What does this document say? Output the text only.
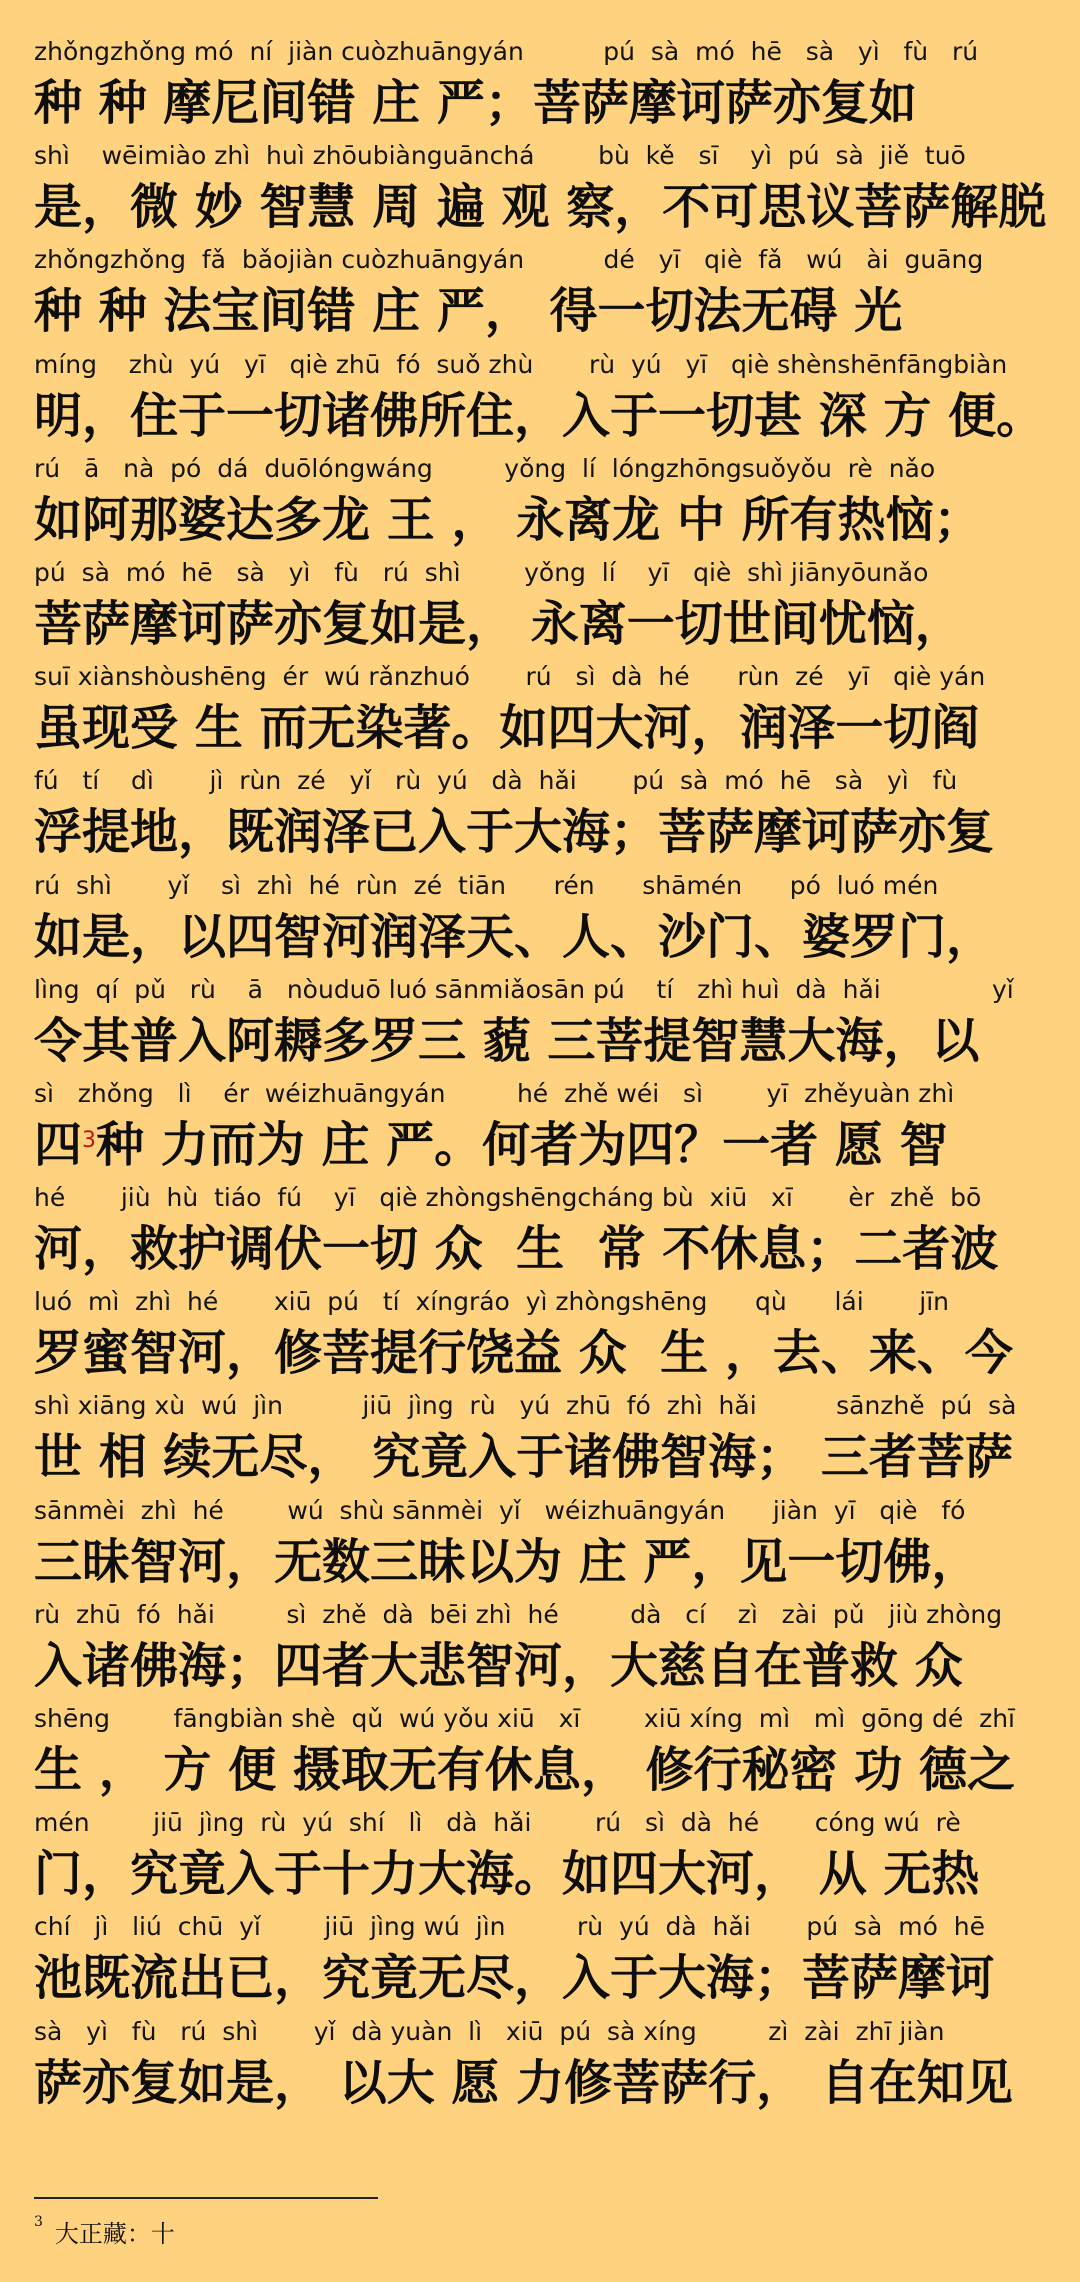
zhǒngzhǒng mó  ní  jiàn cuòzhuāngyán          pú  sà  mó  hē   sà   yì   fù   rú
种 种 摩尼间错 庄 严；菩萨摩诃萨亦复如
shì    wēimiào zhì  huì zhōubiànguānchá        bù  kě   sī    yì  pú  sà  jiě  tuō
是，微 妙 智慧 周 遍 观 察，不可思议菩萨解脱
zhǒngzhǒng  fǎ  bǎojiàn cuòzhuāngyán          dé   yī   qiè  fǎ   wú   ài  guāng
种 种 法宝间错 庄 严， 得一切法无碍 光
míng    zhù  yú   yī   qiè zhū  fó  suǒ zhù       rù  yú   yī   qiè shènshēnfāngbiàn
明，住于一切诸佛所住，入于一切甚 深 方 便。
rú   ā   nà  pó  dá  duōlóngwáng         yǒng  lí  lóngzhōngsuǒyǒu  rè  nǎo
如阿那婆达多龙 王 ， 永离龙 中 所有热恼；
pú  sà  mó  hē   sà   yì   fù   rú  shì        yǒng  lí    yī   qiè  shì jiānyōunǎo
菩萨摩诃萨亦复如是， 永离一切世间忧恼，
suī xiànshòushēng  ér  wú rǎnzhuó       rú   sì  dà  hé      rùn  zé   yī   qiè yán
虽现受 生 而无染著。如四大河，润泽一切阎
fú   tí    dì       jì  rùn  zé   yǐ   rù  yú   dà  hǎi       pú  sà  mó  hē   sà   yì   fù
浮提地，既润泽已入于大海；菩萨摩诃萨亦复
rú  shì       yǐ    sì  zhì  hé  rùn  zé  tiān      rén      shāmén      pó  luó mén
如是，以四智河润泽天、人、沙门、婆罗门，
lìng  qí  pǔ   rù    ā   nòuduō luó sānmiǎosān pú    tí   zhì huì  dà  hǎi              yǐ
令其普入阿耨多罗三 藐 三菩提智慧大海，以
sì   zhǒng   lì    ér  wéizhuāngyán         hé  zhě wéi   sì        yī  zhěyuàn zhì
四$^3$种 力而为 庄 严。何者为四？一者 愿 智
hé       jiù  hù  tiáo  fú    yī   qiè zhòngshēngcháng bù  xiū   xī       èr  zhě  bō
河，救护调伏一切 众  生  常 不休息；二者波
luó  mì  zhì  hé       xiū  pú   tí  xíngráo  yì zhòngshēng      qù      lái       jīn
罗蜜智河，修菩提行饶益 众  生 ，去、来、今
shì xiāng xù  wú  jìn          jiū  jìng  rù   yú  zhū  fó  zhì  hǎi          sānzhě  pú  sà
世 相 续无尽， 究竟入于诸佛智海； 三者菩萨
sānmèi  zhì  hé        wú  shù sānmèi  yǐ   wéizhuāngyán      jiàn  yī   qiè   fó
三昧智河，无数三昧以为 庄 严，见一切佛，
rù  zhū  fó  hǎi         sì  zhě  dà  bēi zhì  hé         dà   cí    zì   zài  pǔ   jiù zhòng
入诸佛海；四者大悲智河，大慈自在普救 众
shēng        fāngbiàn shè  qǔ  wú yǒu xiū   xī        xiū xíng  mì   mì  gōng dé  zhī
生 ， 方 便 摄取无有休息， 修行秘密 功 德之
mén        jiū  jìng  rù  yú  shí   lì   dà  hǎi        rú   sì  dà  hé       cóng wú  rè
门，究竟入于十力大海。如四大河， 从 无热
chí   jì   liú  chū  yǐ        jiū  jìng wú  jìn         rù  yú  dà  hǎi       pú  sà  mó  hē
池既流出已，究竟无尽，入于大海；菩萨摩诃
sà   yì   fù   rú  shì       yǐ  dà yuàn  lì   xiū  pú  sà xíng         zì  zài  zhī jiàn
萨亦复如是， 以大 愿 力修菩萨行， 自在知见
$^3$ 大正藏：十
